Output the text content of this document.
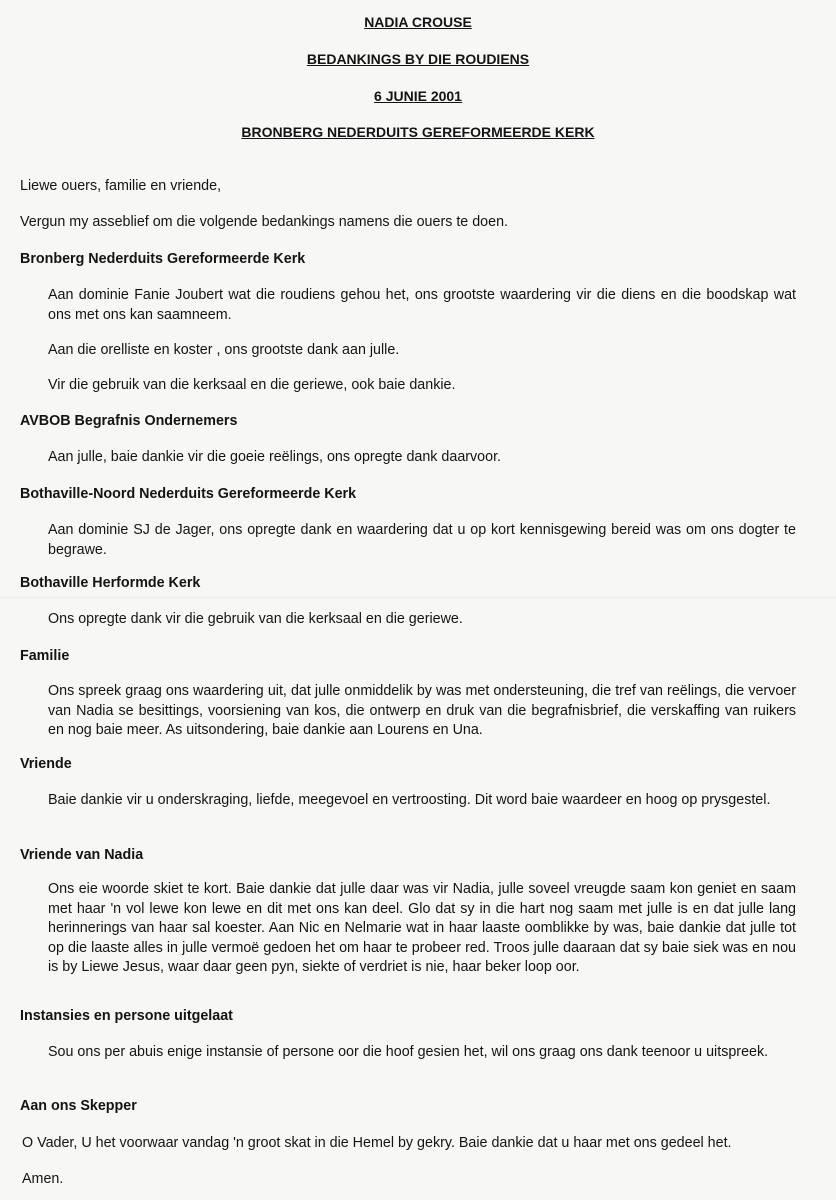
NADIA CROUSE
BEDANKINGS BY DIE ROUDIENS
6 JUNIE 2001
BRONBERG NEDERDUITS GEREFORMEERDE KERK

Liewe ouers, familie en vriende,

Vergun my asseblief om die volgende bedankings namens die ouers te doen.

Bronberg Nederduits Gereformeerde Kerk

Aan dominie Fanie Joubert wat die roudiens gehou het, ons grootste waardering vir die diens en die boodskap wat ons met ons kan saamneem.

Aan die orelliste en koster , ons grootste dank aan julle.

Vir die gebruik van die kerksaal en die geriewe, ook baie dankie.

AVBOB Begrafnis Ondernemers

Aan julle, baie dankie vir die goeie reëlings, ons opregte dank daarvoor.

Bothaville-Noord Nederduits Gereformeerde Kerk

Aan dominie SJ de Jager, ons opregte dank en waardering dat u op kort kennisgewing bereid was om ons dogter te begrawe.

Bothaville Herformde Kerk

Ons opregte dank vir die gebruik van die kerksaal en die geriewe.

Familie

Ons spreek graag ons waardering uit, dat julle onmiddelik by was met ondersteuning, die tref van reëlings, die vervoer van Nadia se besittings, voorsiening van kos, die ontwerp en druk van die begrafnisbrief, die verskaffing van ruikers en nog baie meer. As uitsondering, baie dankie aan Lourens en Una.

Vriende

Baie dankie vir u onderskraging, liefde, meegevoel en vertroosting. Dit word baie waardeer en hoog op prysgestel.

Vriende van Nadia

Ons eie woorde skiet te kort. Baie dankie dat julle daar was vir Nadia, julle soveel vreugde saam kon geniet en saam met haar 'n vol lewe kon lewe en dit met ons kan deel. Glo dat sy in die hart nog saam met julle is en dat julle lang herinnerings van haar sal koester. Aan Nic en Nelmarie wat in haar laaste oomblikke by was, baie dankie dat julle tot op die laaste alles in julle vermoë gedoen het om haar te probeer red. Troos julle daaraan dat sy baie siek was en nou is by Liewe Jesus, waar daar geen pyn, siekte of verdriet is nie, haar beker loop oor.

Instansies en persone uitgelaat

Sou ons per abuis enige instansie of persone oor die hoof gesien het, wil ons graag ons dank teenoor u uitspreek.

Aan ons Skepper

O Vader, U het voorwaar vandag 'n groot skat in die Hemel by gekry. Baie dankie dat u haar met ons gedeel het.

Amen.
